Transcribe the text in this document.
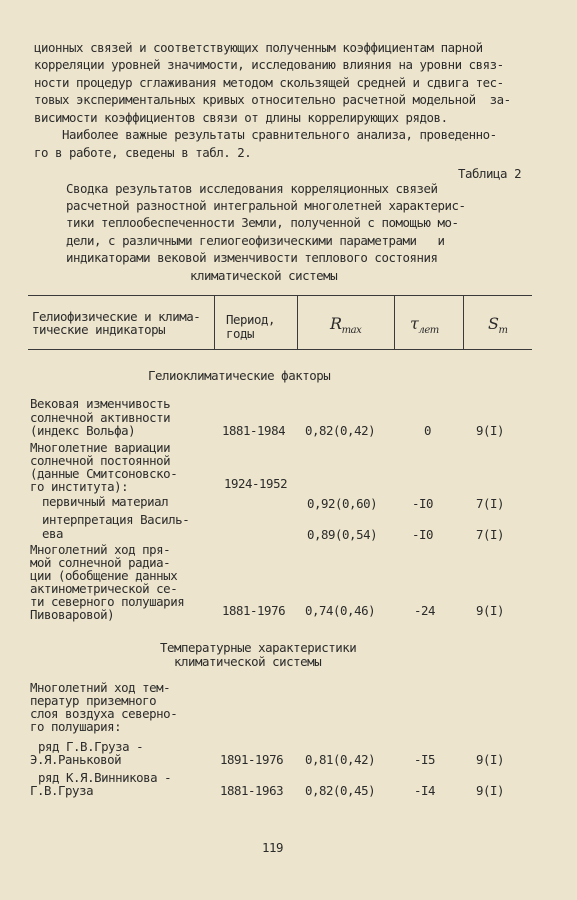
ционных связей и соответствующих полученным коэффициентам парной
корреляции уровней значимости, исследованию влияния на уровни связ-
ности процедур сглаживания методом скользящей средней и сдвига тес-
товых экспериментальных кривых относительно расчетной модельной  за-
висимости коэффициентов связи от длины коррелирующих рядов.
Наиболее важные результаты сравнительного анализа, проведенно-
го в работе, сведены в табл. 2.
Таблица 2
Сводка результатов исследования корреляционных связей
расчетной разностной интегральной многолетней характерис-
тики теплообеспеченности Земли, полученной с помощью мо-
дели, с различными гелиогеофизическими параметрами   и
индикаторами вековой изменчивости теплового состояния
климатической системы
Гелиофизические и клима-
тические индикаторы
Период,
годы
$R_{max}$	$\tau_{лет}$	$S_m$
Гелиоклиматические факторы
Вековая изменчивость
солнечной активности
(индекс Вольфа)	1881-1984 0,82(0,42)	0	9(I)
Многолетние вариации
солнечной постоянной
(данные Смитсоновско-
го института):	1924-1952
первичный материал	0,92(0,60)	-I0	7(I)
интерпретация Василь-
ева	0,89(0,54)	-I0	7(I)
Многолетний ход пря-
мой солнечной радиа-
ции (обобщение данных
актинометрической се-
ти северного полушария
Пивоваровой)	1881-1976 0,74(0,46)	-24	9(I)
Температурные характеристики
климатической системы
Многолетний ход тем-
ператур приземного
слоя воздуха северно-
го полушария:
ряд Г.В.Груза -
Э.Я.Раньковой	1891-1976 0,81(0,42)	-I5	9(I)
ряд К.Я.Винникова -
Г.В.Груза	1881-1963 0,82(0,45)	-I4	9(I)
119
